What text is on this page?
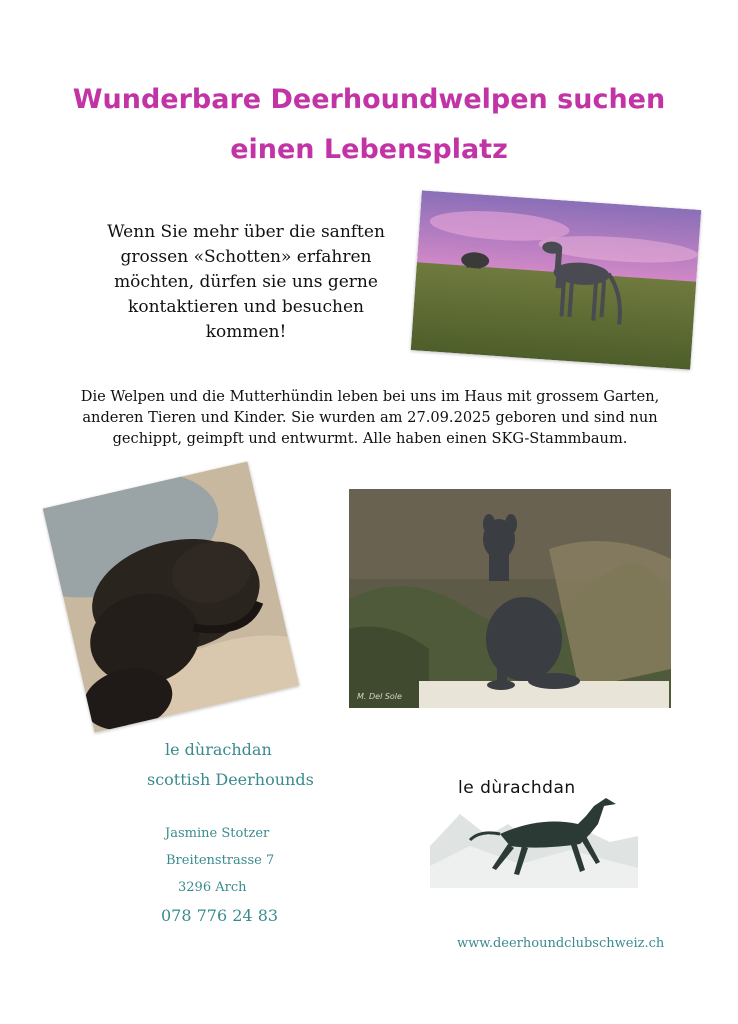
Wunderbare Deerhoundwelpen suchen
einen Lebensplatz
Wenn Sie mehr über die sanften
grossen «Schotten» erfahren
möchten, dürfen sie uns gerne
kontaktieren und besuchen
kommen!
Die Welpen und die Mutterhündin leben bei uns im Haus mit grossem Garten,
anderen Tieren und Kinder. Sie wurden am 27.09.2025 geboren und sind nun
gechippt, geimpft und entwurmt. Alle haben einen SKG-Stammbaum.
M. Del Sole
le dùrachdan
scottish Deerhounds
Jasmine Stotzer
Breitenstrasse 7
3296 Arch
078 776 24 83
le dùrachdan
www.deerhoundclubschweiz.ch
